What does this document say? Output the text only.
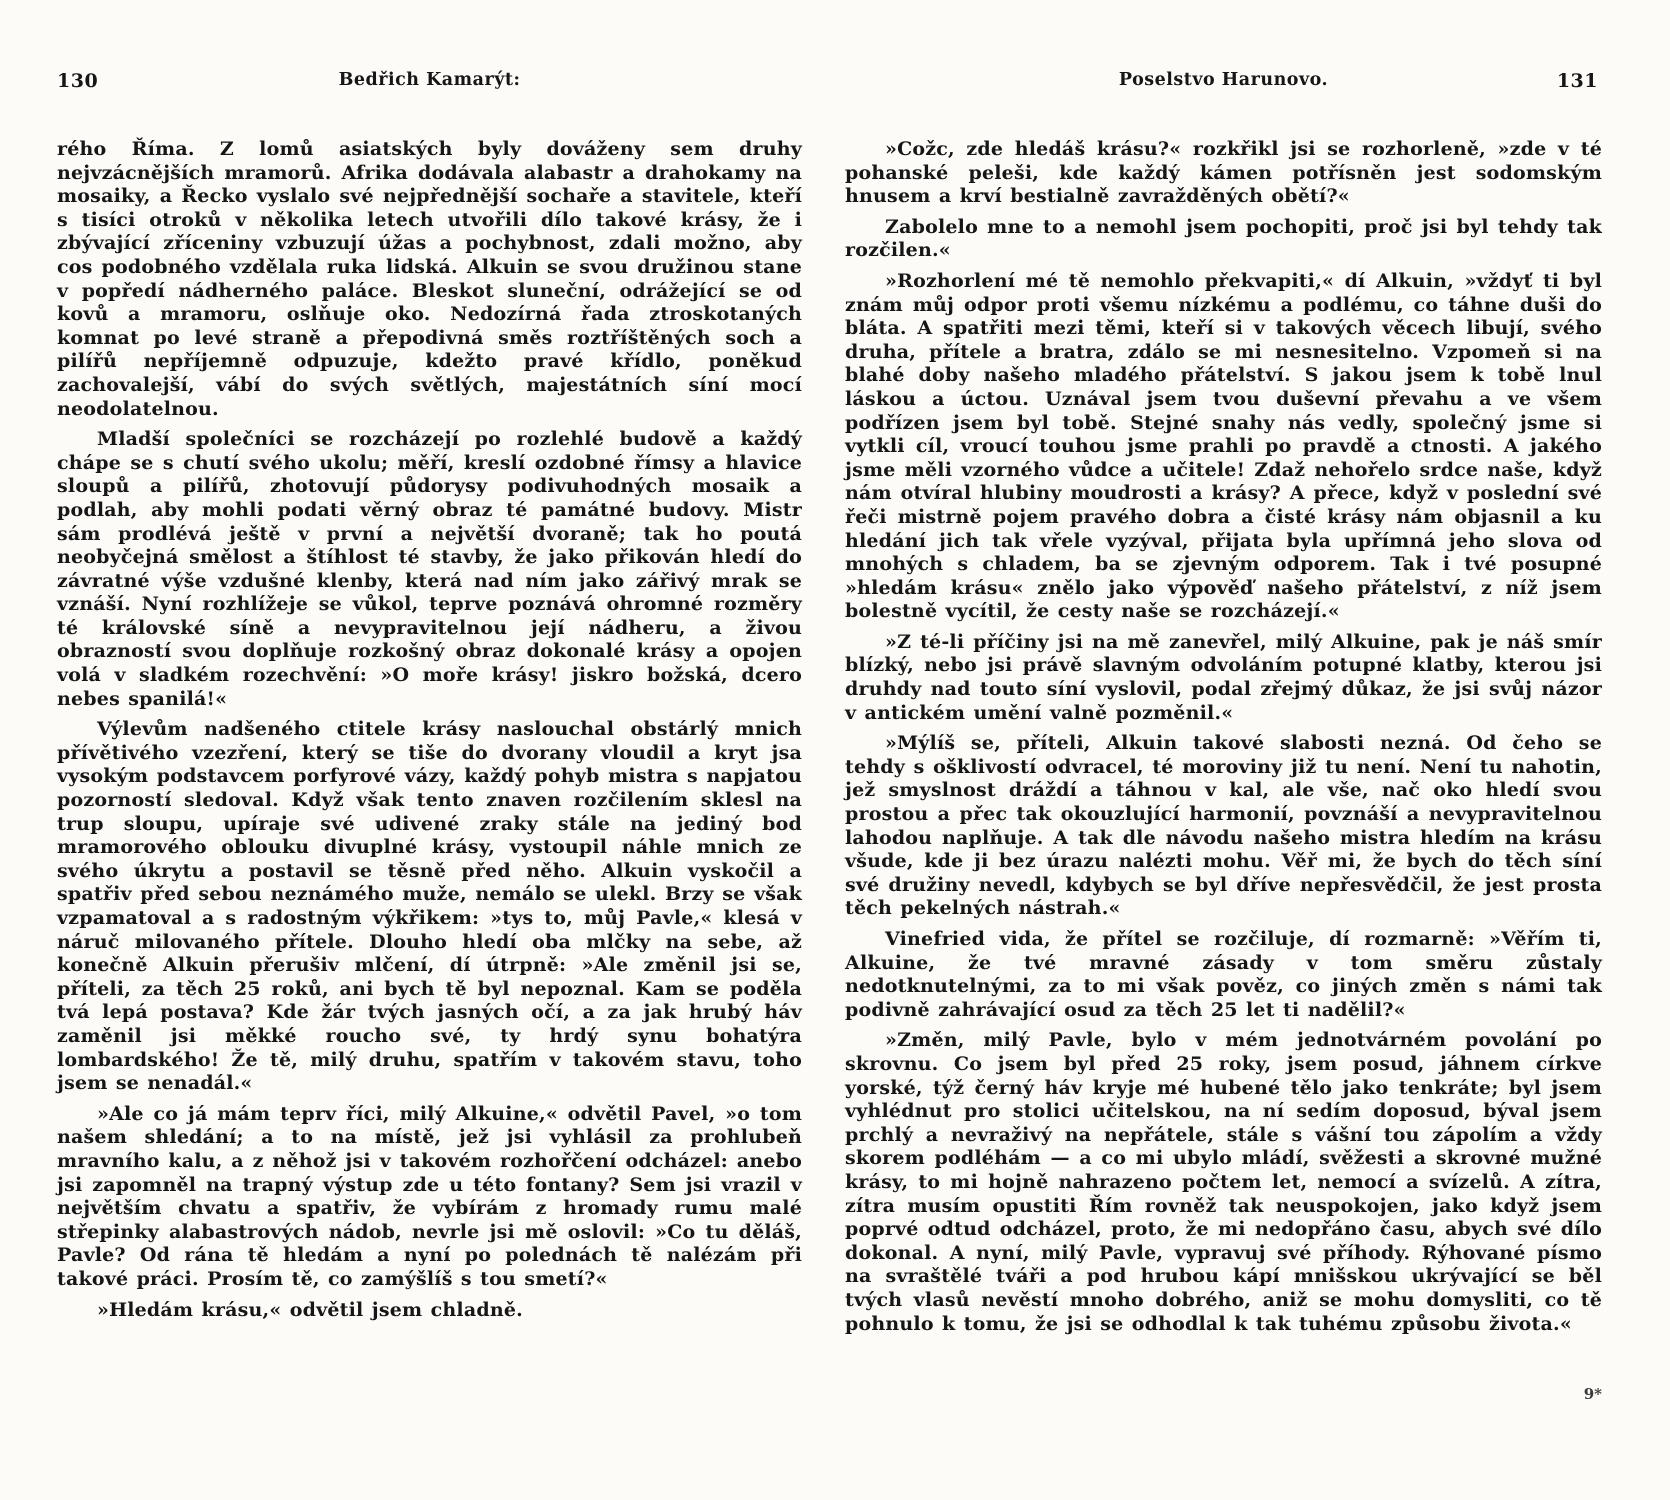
130	Bedřich Kamarýt:

rého Říma. Z lomů asiatských byly dováženy sem druhy nejvzácnějších mramorů. Afrika dodávala alabastr a drahokamy na mosaiky, a Řecko vyslalo své nejpřednější sochaře a stavitele, kteří s tisíci otroků v několika letech utvořili dílo takové krásy, že i zbývající zříceniny vzbuzují úžas a pochybnost, zdali možno, aby cos podobného vzdělala ruka lidská. Alkuin se svou družinou stane v popředí nádherného paláce. Bleskot sluneční, odrážející se od kovů a mramoru, oslňuje oko. Nedozírná řada ztroskotaných komnat po levé straně a přepodivná směs roztříštěných soch a pilířů nepříjemně odpuzuje, kdežto pravé křídlo, poněkud zachovalejší, vábí do svých světlých, majestátních síní mocí neodolatelnou.

Mladší společníci se rozcházejí po rozlehlé budově a každý chápe se s chutí svého ukolu; měří, kreslí ozdobné římsy a hlavice sloupů a pilířů, zhotovují půdorysy podivuhodných mosaik a podlah, aby mohli podati věrný obraz té památné budovy. Mistr sám prodlévá ještě v první a největší dvoraně; tak ho poutá neobyčejná smělost a štíhlost té stavby, že jako přikován hledí do závratné výše vzdušné klenby, která nad ním jako zářivý mrak se vznáší. Nyní rozhlížeje se vůkol, teprve poznává ohromné rozměry té královské síně a nevypravitelnou její nádheru, a živou obrazností svou doplňuje rozkošný obraz dokonalé krásy a opojen volá v sladkém rozechvění: »O moře krásy! jiskro božská, dcero nebes spanilá!«

Výlevům nadšeného ctitele krásy naslouchal obstárlý mnich přívětivého vzezření, který se tiše do dvorany vloudil a kryt jsa vysokým podstavcem porfyrové vázy, každý pohyb mistra s napjatou pozorností sledoval. Když však tento znaven rozčilením sklesl na trup sloupu, upíraje své udivené zraky stále na jediný bod mramorového oblouku divuplné krásy, vystoupil náhle mnich ze svého úkrytu a postavil se těsně před něho. Alkuin vyskočil a spatřiv před sebou neznámého muže, nemálo se ulekl. Brzy se však vzpamatoval a s radostným výkřikem: »tys to, můj Pavle,« klesá v náruč milovaného přítele. Dlouho hledí oba mlčky na sebe, až konečně Alkuin přerušiv mlčení, dí útrpně: »Ale změnil jsi se, příteli, za těch 25 roků, ani bych tě byl nepoznal. Kam se poděla tvá lepá postava? Kde žár tvých jasných očí, a za jak hrubý háv zaměnil jsi měkké roucho své, ty hrdý synu bohatýra lombardského! Že tě, milý druhu, spatřím v takovém stavu, toho jsem se nenadál.«

»Ale co já mám teprv říci, milý Alkuine,« odvětil Pavel, »o tom našem shledání; a to na místě, jež jsi vyhlásil za prohlubeň mravního kalu, a z něhož jsi v takovém rozhořčení odcházel: anebo jsi zapomněl na trapný výstup zde u této fontany? Sem jsi vrazil v největším chvatu a spatřiv, že vybírám z hromady rumu malé střepinky alabastrových nádob, nevrle jsi mě oslovil: »Co tu děláš, Pavle? Od rána tě hledám a nyní po polednách tě nalézám při takové práci. Prosím tě, co zamýšlíš s tou smetí?«

»Hledám krásu,« odvětil jsem chladně.

Poselstvo Harunovo.	131

»Cožc, zde hledáš krásu?« rozkřikl jsi se rozhorleně, »zde v té pohanské peleši, kde každý kámen potřísněn jest sodomským hnusem a krví bestialně zavražděných obětí?«

Zabolelo mne to a nemohl jsem pochopiti, proč jsi byl tehdy tak rozčilen.«

»Rozhorlení mé tě nemohlo překvapiti,« dí Alkuin, »vždyť ti byl znám můj odpor proti všemu nízkému a podlému, co táhne duši do bláta. A spatřiti mezi těmi, kteří si v takových věcech libují, svého druha, přítele a bratra, zdálo se mi nesnesitelno. Vzpomeň si na blahé doby našeho mladého přátelství. S jakou jsem k tobě lnul láskou a úctou. Uznával jsem tvou duševní převahu a ve všem podřízen jsem byl tobě. Stejné snahy nás vedly, společný jsme si vytkli cíl, vroucí touhou jsme prahli po pravdě a ctnosti. A jakého jsme měli vzorného vůdce a učitele! Zdaž nehořelo srdce naše, když nám otvíral hlubiny moudrosti a krásy? A přece, když v poslední své řeči mistrně pojem pravého dobra a čisté krásy nám objasnil a ku hledání jich tak vřele vyzýval, přijata byla upřímná jeho slova od mnohých s chladem, ba se zjevným odporem. Tak i tvé posupné »hledám krásu« znělo jako výpověď našeho přátelství, z níž jsem bolestně vycítil, že cesty naše se rozcházejí.«

»Z té-li příčiny jsi na mě zanevřel, milý Alkuine, pak je náš smír blízký, nebo jsi právě slavným odvoláním potupné klatby, kterou jsi druhdy nad touto síní vyslovil, podal zřejmý důkaz, že jsi svůj názor v antickém umění valně pozměnil.«

»Mýlíš se, příteli, Alkuin takové slabosti nezná. Od čeho se tehdy s ošklivostí odvracel, té moroviny již tu není. Není tu nahotin, jež smyslnost dráždí a táhnou v kal, ale vše, nač oko hledí svou prostou a přec tak okouzlující harmonií, povznáší a nevypravitelnou lahodou naplňuje. A tak dle návodu našeho mistra hledím na krásu všude, kde ji bez úrazu nalézti mohu. Věř mi, že bych do těch síní své družiny nevedl, kdybych se byl dříve nepřesvědčil, že jest prosta těch pekelných nástrah.«

Vinefried vida, že přítel se rozčiluje, dí rozmarně: »Věřím ti, Alkuine, že tvé mravné zásady v tom směru zůstaly nedotknutelnými, za to mi však pověz, co jiných změn s námi tak podivně zahrávající osud za těch 25 let ti nadělil?«

»Změn, milý Pavle, bylo v mém jednotvárném povolání po skrovnu. Co jsem byl před 25 roky, jsem posud, jáhnem církve yorské, týž černý háv kryje mé hubené tělo jako tenkráte; byl jsem vyhlédnut pro stolici učitelskou, na ní sedím doposud, býval jsem prchlý a nevraživý na nepřátele, stále s vášní tou zápolím a vždy skorem podléhám — a co mi ubylo mládí, svěžesti a skrovné mužné krásy, to mi hojně nahrazeno počtem let, nemocí a svízelů. A zítra, zítra musím opustiti Řím rovněž tak neuspokojen, jako když jsem poprvé odtud odcházel, proto, že mi nedopřáno času, abych své dílo dokonal. A nyní, milý Pavle, vypravuj své příhody. Rýhované písmo na svraštělé tváři a pod hrubou kápí mnišskou ukrývající se běl tvých vlasů nevěstí mnoho dobrého, aniž se mohu domysliti, co tě pohnulo k tomu, že jsi se odhodlal k tak tuhému způsobu života.«

9*
